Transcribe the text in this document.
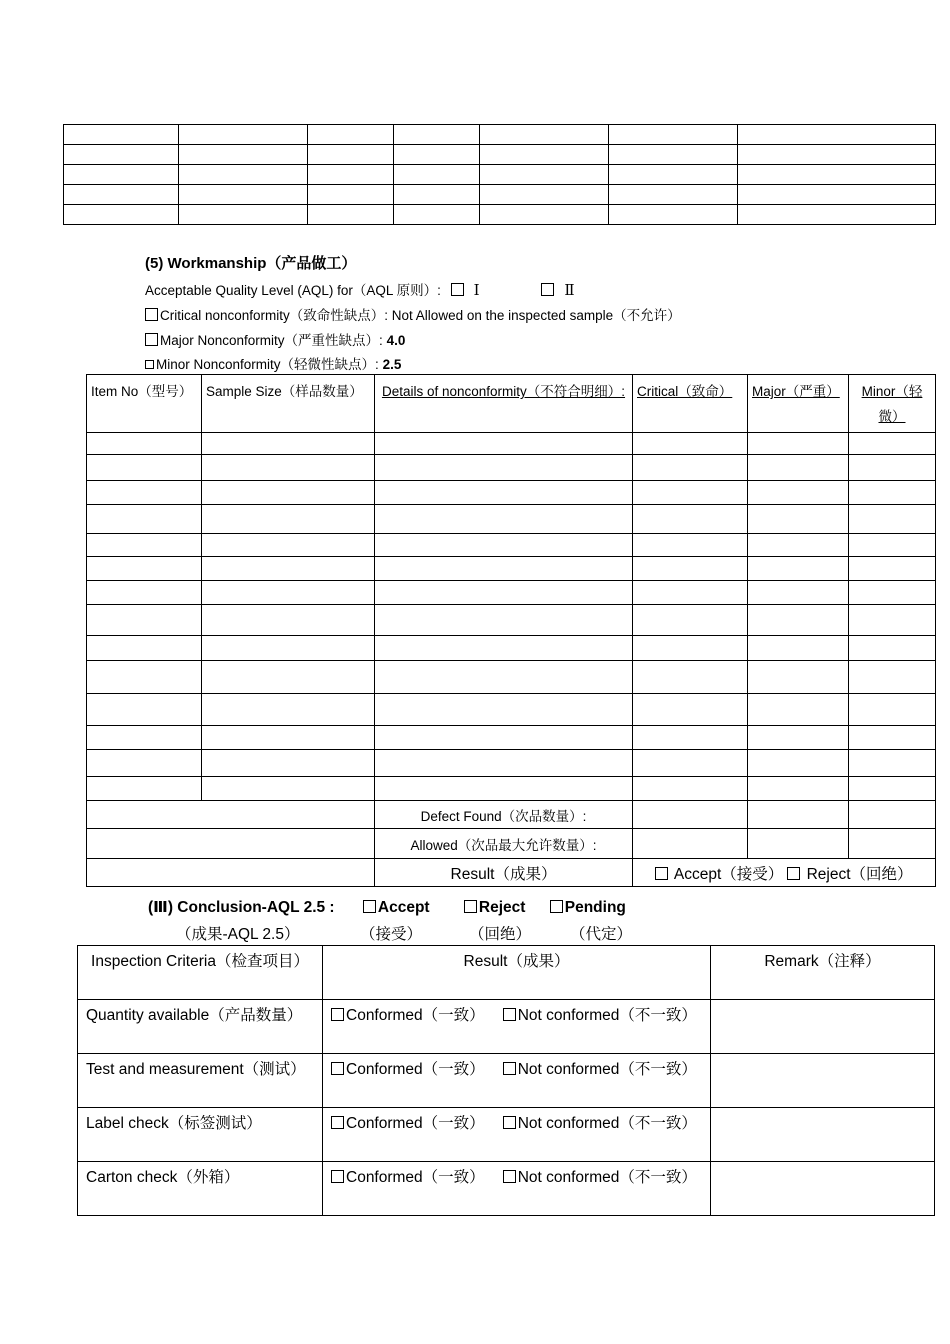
(5) Workmanship（产品做工）
Acceptable Quality Level (AQL) for（AQL 原则）: Ⅰ	Ⅱ
Critical nonconformity（致命性缺点）: Not Allowed on the inspected sample（不允许）
Major Nonconformity（严重性缺点）: 4.0
Minor Nonconformity（轻微性缺点）: 2.5
Item No（型号）	Sample Size（样品数量）	Details of nonconformity（不符合明细）:	Critical（致命）	Major（严重）	Minor（轻微）

		Defect Found（次品数量）:			
		Allowed（次品最大允许数量）:			
		Result（成果）	Accept（接受） Reject（回绝）		
(Ⅲ) Conclusion-AQL 2.5 :	Accept	Reject	Pending
（成果-AQL 2.5）	（接受）	（回绝）	（代定）
Inspection Criteria（检查项目）	Result（成果）	Remark（注释）
Quantity available（产品数量）	Conformed（一致） Not conformed（不一致）	
Test and measurement（测试）	Conformed（一致） Not conformed（不一致）	
Label check（标签测试）	Conformed（一致） Not conformed（不一致）	
Carton check（外箱）	Conformed（一致） Not conformed（不一致）	
